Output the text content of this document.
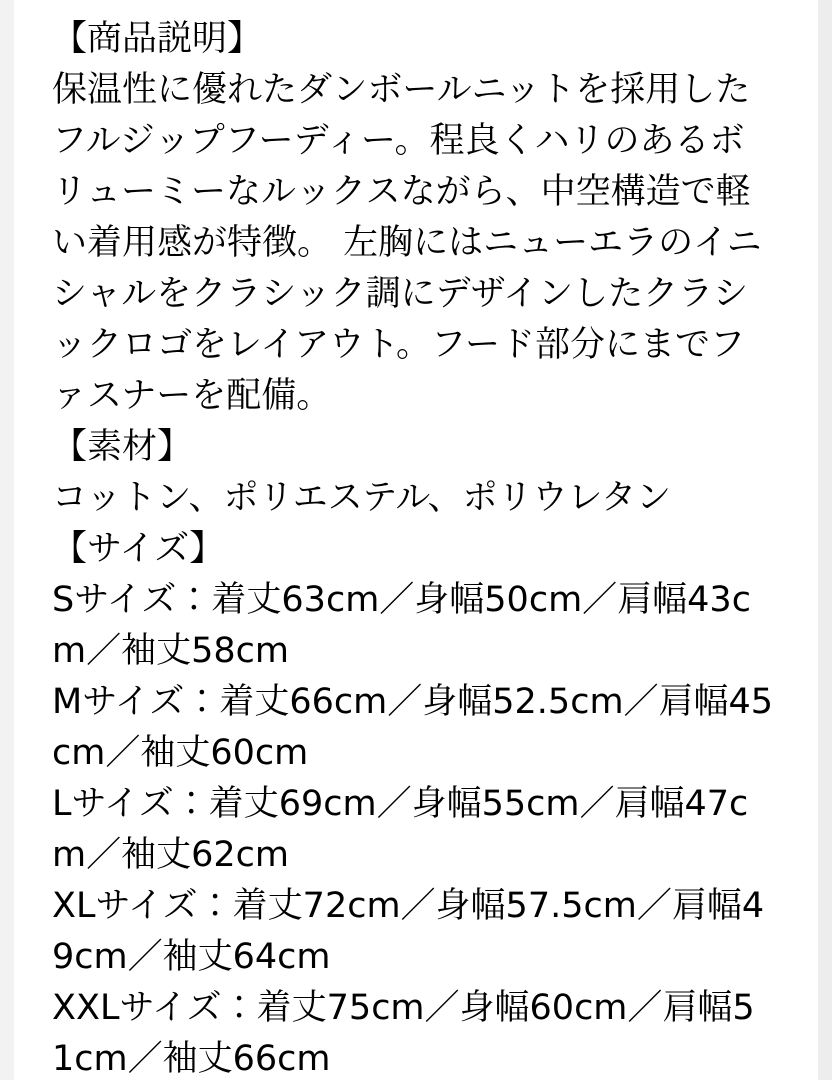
【商品説明】
保温性に優れたダンボールニットを採用したフルジップフーディー。程良くハリのあるボリューミーなルックスながら、中空構造で軽い着用感が特徴。 左胸にはニューエラのイニシャルをクラシック調にデザインしたクラシックロゴをレイアウト。フード部分にまでファスナーを配備。
【素材】
コットン、ポリエステル、ポリウレタン
【サイズ】
Sサイズ：着丈63cm／身幅50cm／肩幅43cm／袖丈58cm
Mサイズ：着丈66cm／身幅52.5cm／肩幅45cm／袖丈60cm
Lサイズ：着丈69cm／身幅55cm／肩幅47cm／袖丈62cm
XLサイズ：着丈72cm／身幅57.5cm／肩幅49cm／袖丈64cm
XXLサイズ：着丈75cm／身幅60cm／肩幅51cm／袖丈66cm
